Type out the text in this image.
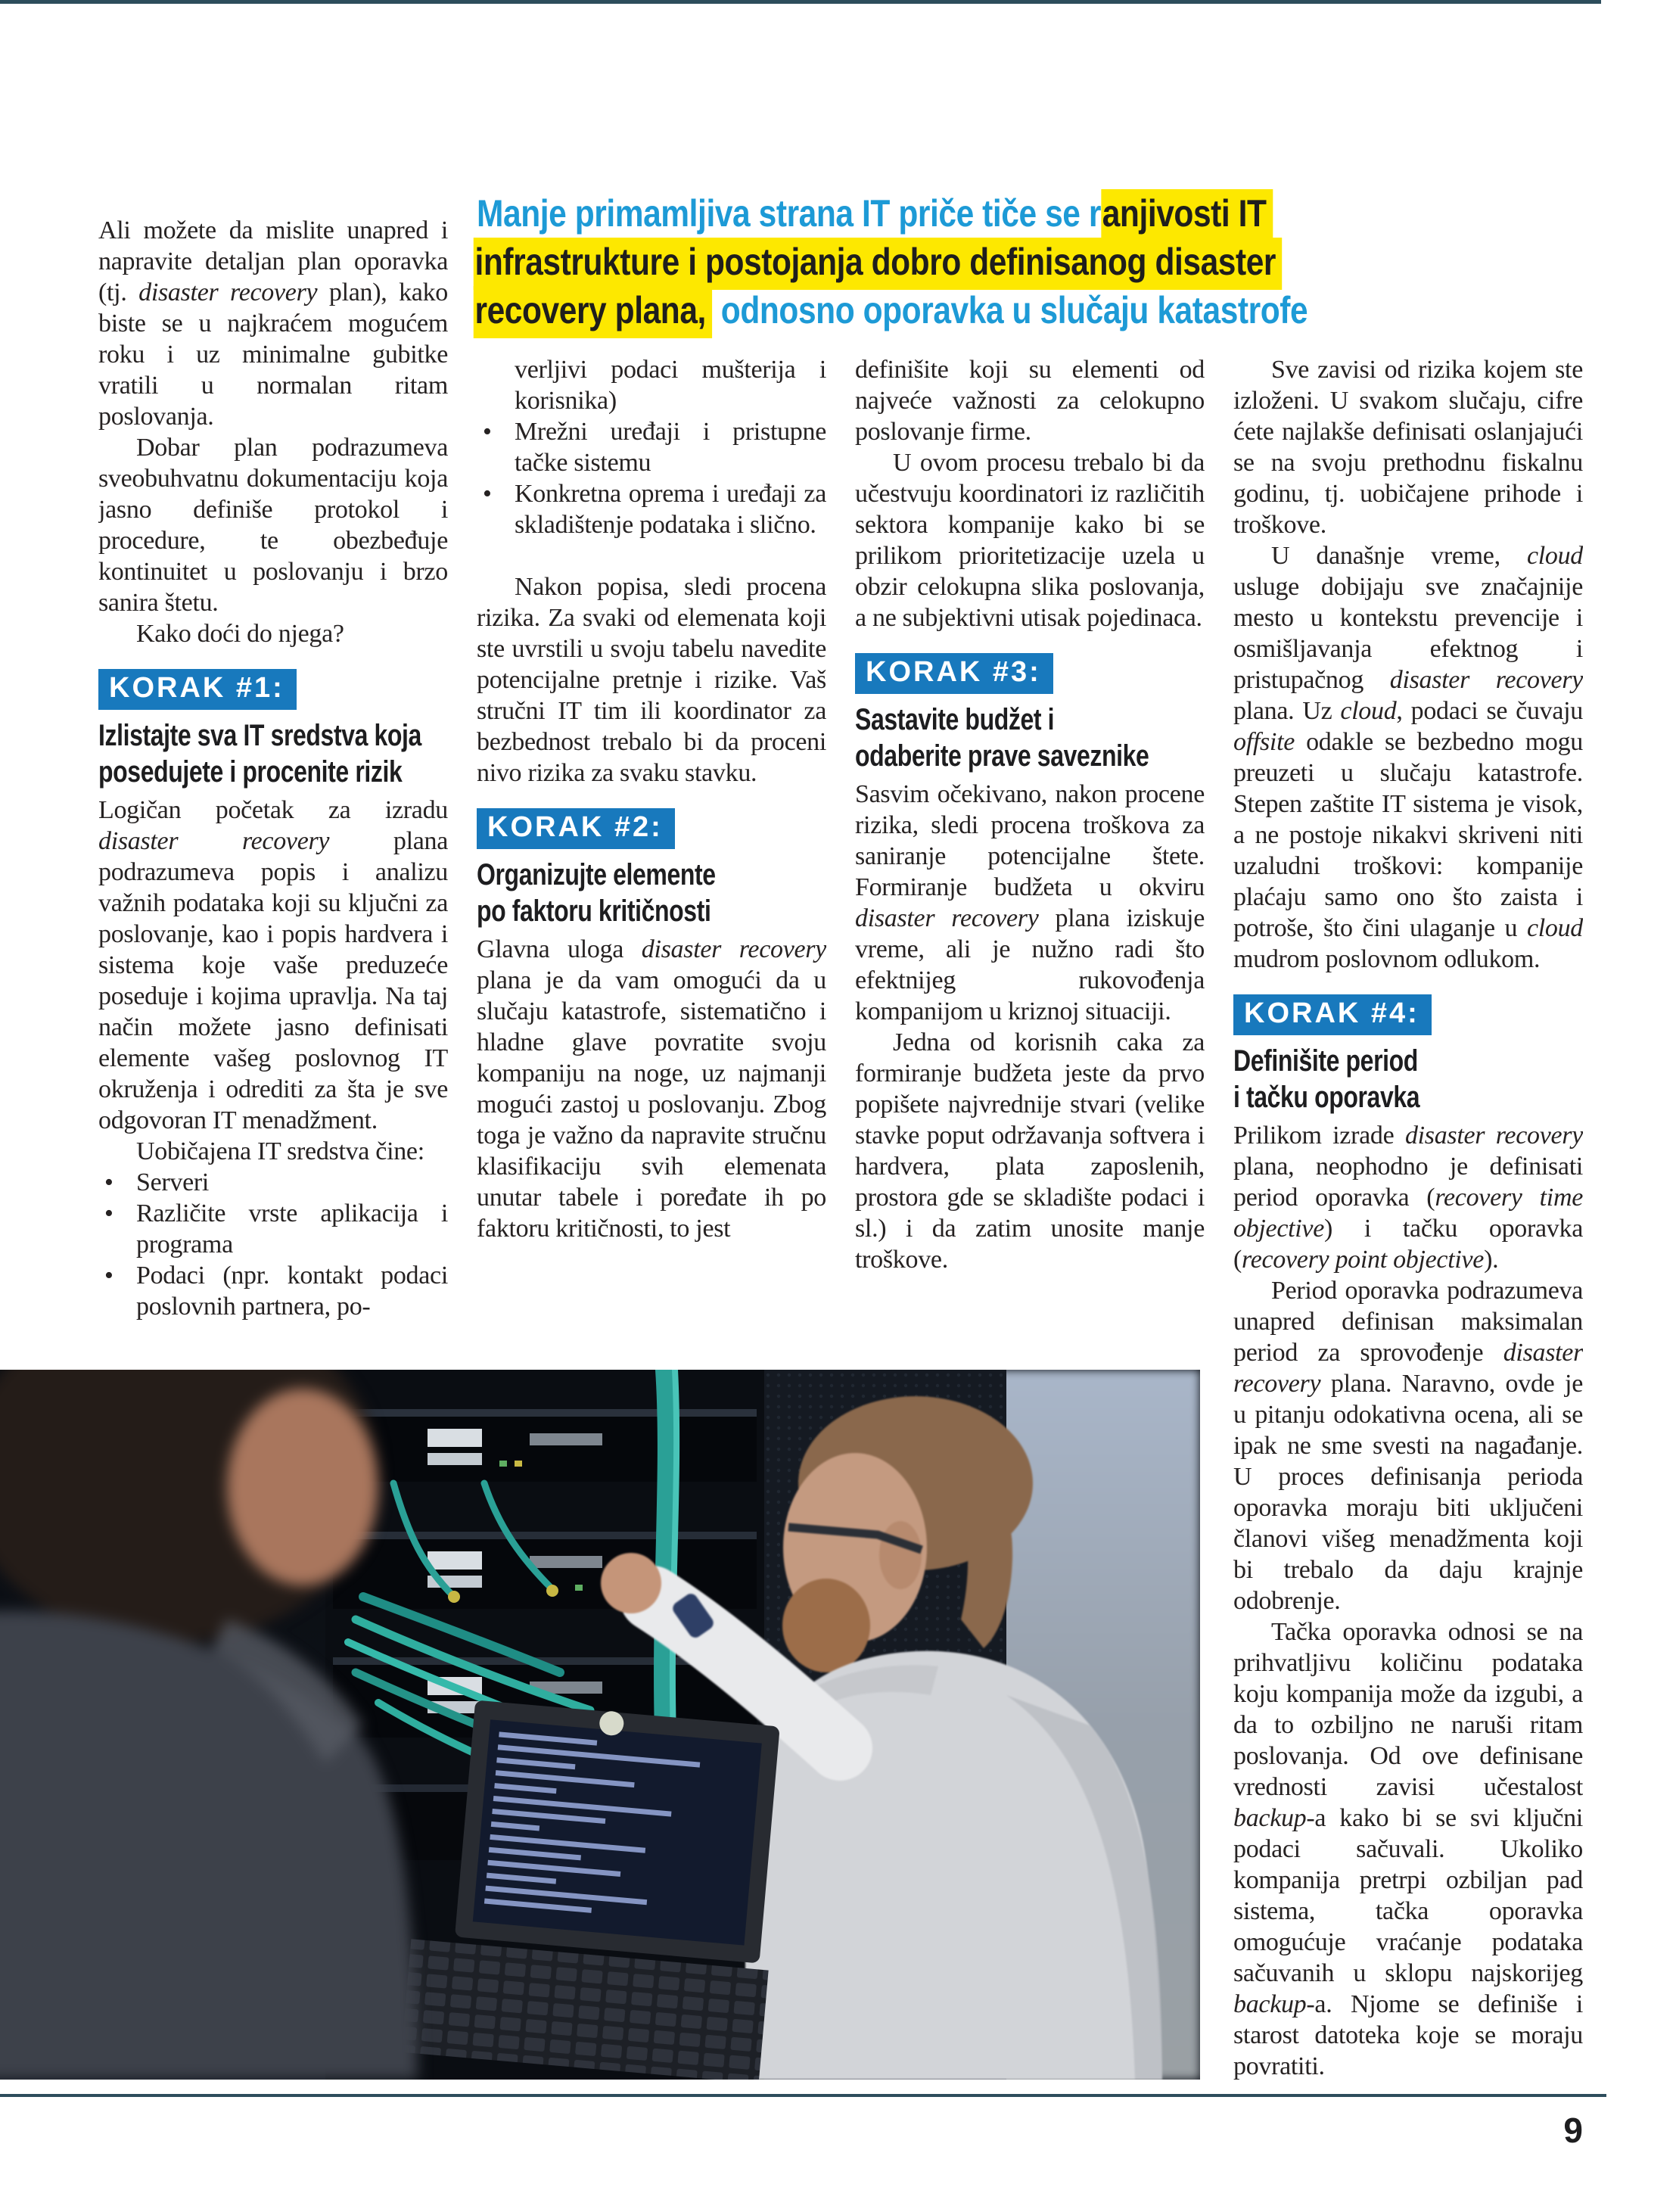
Manje primamljiva strana IT priče tiče se ranjivosti IT
infrastrukture i postojanja dobro definisanog disaster
recovery plana, odnosno oporavka u slučaju katastrofe

Ali možete da mislite unapred i napravite detaljan plan oporavka (tj. disaster recovery plan), kako biste se u najkraćem mogućem roku i uz minimalne gubitke vratili u normalan ritam poslovanja.

Dobar plan podrazumeva sveobuhvatnu dokumentaciju koja jasno definiše protokol i procedure, te obezbeđuje kontinuitet u poslovanju i brzo sanira štetu.

Kako doći do njega?

KORAK #1:
Izlistajte sva IT sredstva koja
posedujete i procenite rizik

Logičan početak za izradu disaster recovery plana podrazumeva popis i analizu važnih podataka koji su ključni za poslovanje, kao i popis hardvera i sistema koje vaše preduzeće poseduje i kojima upravlja. Na taj način možete jasno definisati elemente vašeg poslovnog IT okruženja i odrediti za šta je sve odgovoran IT menadžment.

Uobičajena IT sredstva čine:

• Serveri
• Različite vrste aplikacija i programa
• Podaci (npr. kontakt podaci poslovnih partnera, po-
verljivi podaci mušterija i korisnika)
• Mrežni uređaji i pristupne tačke sistemu
• Konkretna oprema i uređaji za skladištenje podataka i slično.

Nakon popisa, sledi procena rizika. Za svaki od elemenata koji ste uvrstili u svoju tabelu navedite potencijalne pretnje i rizike. Vaš stručni IT tim ili koordinator za bezbednost trebalo bi da proceni nivo rizika za svaku stavku.

KORAK #2:
Organizujte elemente
po faktoru kritičnosti

Glavna uloga disaster recovery plana je da vam omogući da u slučaju katastrofe, sistematično i hladne glave povratite svoju kompaniju na noge, uz najmanji mogući zastoj u poslovanju. Zbog toga je važno da napravite stručnu klasifikaciju svih elemenata unutar tabele i poređate ih po faktoru kritičnosti, to jest

definišite koji su elementi od najveće važnosti za celokupno poslovanje firme.

U ovom procesu trebalo bi da učestvuju koordinatori iz različitih sektora kompanije kako bi se prilikom prioritetizacije uzela u obzir celokupna slika poslovanja, a ne subjektivni utisak pojedinaca.

KORAK #3:
Sastavite budžet i
odaberite prave saveznike

Sasvim očekivano, nakon procene rizika, sledi procena troškova za saniranje potencijalne štete. Formiranje budžeta u okviru disaster recovery plana iziskuje vreme, ali je nužno radi što efektnijeg rukovođenja kompanijom u kriznoj situaciji.

Jedna od korisnih caka za formiranje budžeta jeste da prvo popišete najvrednije stvari (velike stavke poput održavanja softvera i hardvera, plata zaposlenih, prostora gde se skladište podaci i sl.) i da zatim unosite manje troškove.

Sve zavisi od rizika kojem ste izloženi. U svakom slučaju, cifre ćete najlakše definisati oslanjajući se na svoju prethodnu fiskalnu godinu, tj. uobičajene prihode i troškove.

U današnje vreme, cloud usluge dobijaju sve značajnije mesto u kontekstu prevencije i osmišljavanja efektnog i pristupačnog disaster recovery plana. Uz cloud, podaci se čuvaju offsite odakle se bezbedno mogu preuzeti u slučaju katastrofe. Stepen zaštite IT sistema je visok, a ne postoje nikakvi skriveni niti uzaludni troškovi: kompanije plaćaju samo ono što zaista i potroše, što čini ulaganje u cloud mudrom poslovnom odlukom.

KORAK #4:
Definišite period
i tačku oporavka

Prilikom izrade disaster recovery plana, neophodno je definisati period oporavka (recovery time objective) i tačku oporavka (recovery point objective).

Period oporavka podrazumeva unapred definisan maksimalan period za sprovođenje disaster recovery plana. Naravno, ovde je u pitanju odokativna ocena, ali se ipak ne sme svesti na nagađanje. U proces definisanja perioda oporavka moraju biti uključeni članovi višeg menadžmenta koji bi trebalo da daju krajnje odobrenje.

Tačka oporavka odnosi se na prihvatljivu količinu podataka koju kompanija može da izgubi, a da to ozbiljno ne naruši ritam poslovanja. Od ove definisane vrednosti zavisi učestalost backup-a kako bi se svi ključni podaci sačuvali. Ukoliko kompanija pretrpi ozbiljan pad sistema, tačka oporavka omogućuje vraćanje podataka sačuvanih u sklopu najskorijeg backup-a. Njome se definiše i starost datoteka koje se moraju povratiti.

9
